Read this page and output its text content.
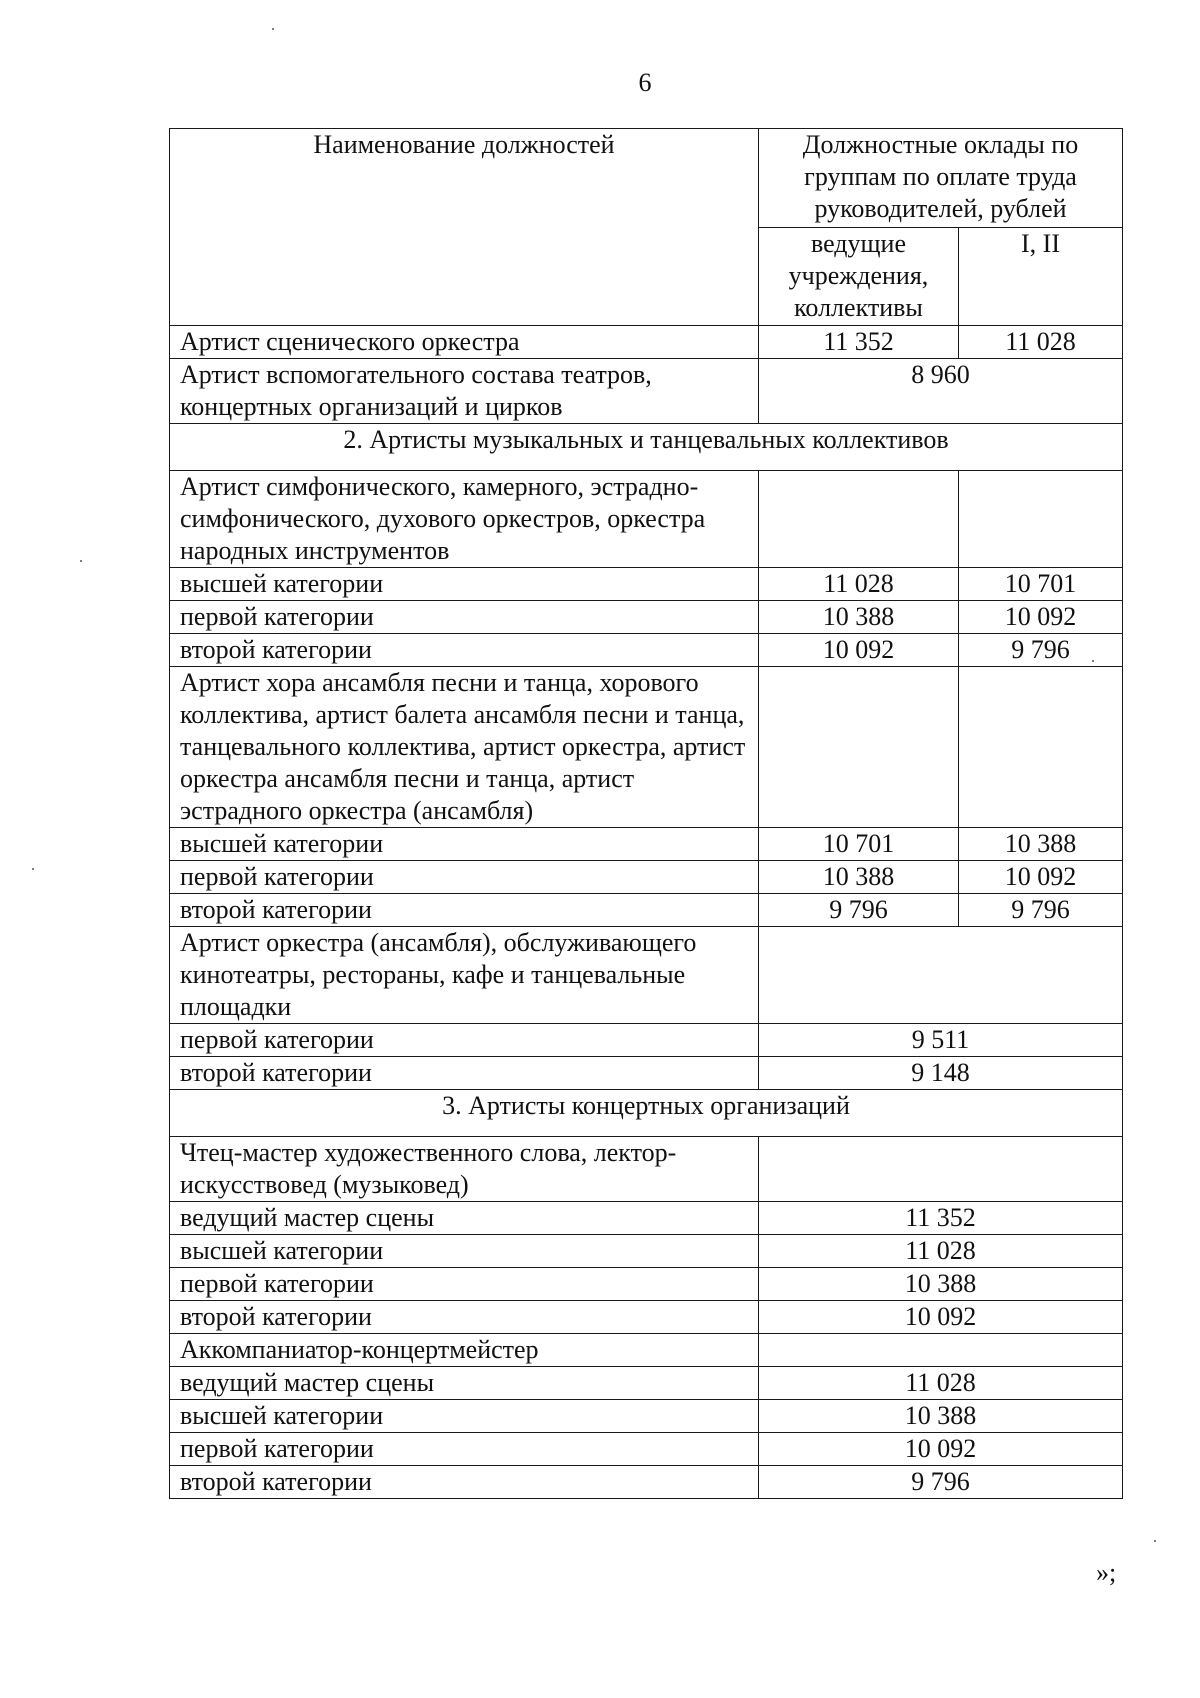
6
Наименование должностей	Должностные оклады по группам по оплате труда руководителей, рублей	
	ведущие учреждения, коллективы	I, II
Артист сценического оркестра	11 352	11 028
Артист вспомогательного состава театров, концертных организаций и цирков	8 960	
2. Артисты музыкальных и танцевальных коллективов		
Артист симфонического, камерного, эстрадно-симфонического, духового оркестров, оркестра народных инструментов		
высшей категории	11 028	10 701
первой категории	10 388	10 092
второй категории	10 092	9 796
Артист хора ансамбля песни и танца, хорового коллектива, артист балета ансамбля песни и танца, танцевального коллектива, артист оркестра, артист оркестра ансамбля песни и танца, артист эстрадного оркестра (ансамбля)		
высшей категории	10 701	10 388
первой категории	10 388	10 092
второй категории	9 796	9 796
Артист оркестра (ансамбля), обслуживающего кинотеатры, рестораны, кафе и танцевальные площадки		
первой категории	9 511	
второй категории	9 148	
3. Артисты концертных организаций		
Чтец-мастер художественного слова, лектор-искусствовед (музыковед)		
ведущий мастер сцены	11 352	
высшей категории	11 028	
первой категории	10 388	
второй категории	10 092	
Аккомпаниатор-концертмейстер		
ведущий мастер сцены	11 028	
высшей категории	10 388	
первой категории	10 092	
второй категории	9 796	
»;
